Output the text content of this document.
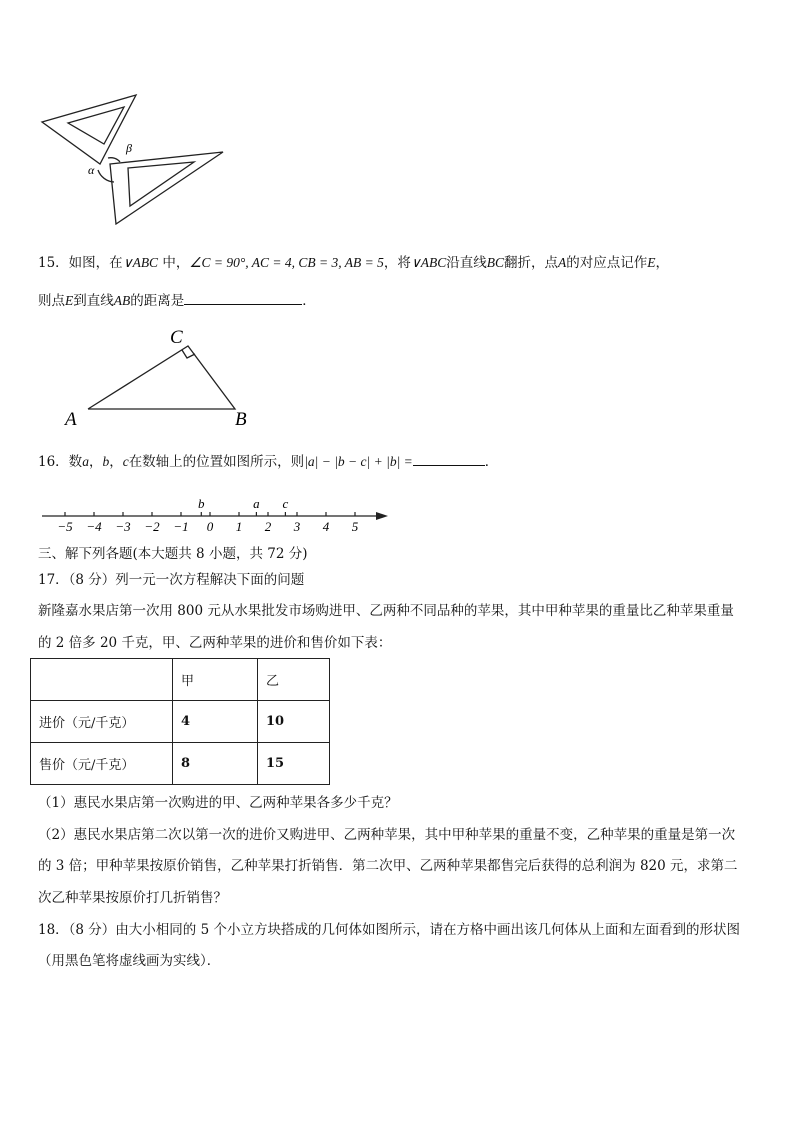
α
β
15．如图，在∨ABC 中，∠C = 90°, AC = 4, CB = 3, AB = 5，将∨ABC沿直线BC翻折，点A的对应点记作E，
则点E到直线AB的距离是	．
C
A	B
16．数a，b，c在数轴上的位置如图所示，则|a| − |b − c| + |b| =	．
−5 −4 −3 −2 −1 0 1 2 3 4 5
b	a c
三、解下列各题(本大题共 8 小题，共 72 分)
17．（8 分）列一元一次方程解决下面的问题
新隆嘉水果店第一次用 800 元从水果批发市场购进甲、乙两种不同品种的苹果，其中甲种苹果的重量比乙种苹果重量
的 2 倍多 20 千克，甲、乙两种苹果的进价和售价如下表：
	甲	乙
进价（元/千克）	4	10
售价（元/千克）	8	15
（1）惠民水果店第一次购进的甲、乙两种苹果各多少千克？
（2）惠民水果店第二次以第一次的进价又购进甲、乙两种苹果，其中甲种苹果的重量不变，乙种苹果的重量是第一次
的 3 倍；甲种苹果按原价销售，乙种苹果打折销售．第二次甲、乙两种苹果都售完后获得的总利润为 820 元，求第二
次乙种苹果按原价打几折销售？
18．（8 分）由大小相同的 5 个小立方块搭成的几何体如图所示，请在方格中画出该几何体从上面和左面看到的形状图
（用黑色笔将虚线画为实线）．
